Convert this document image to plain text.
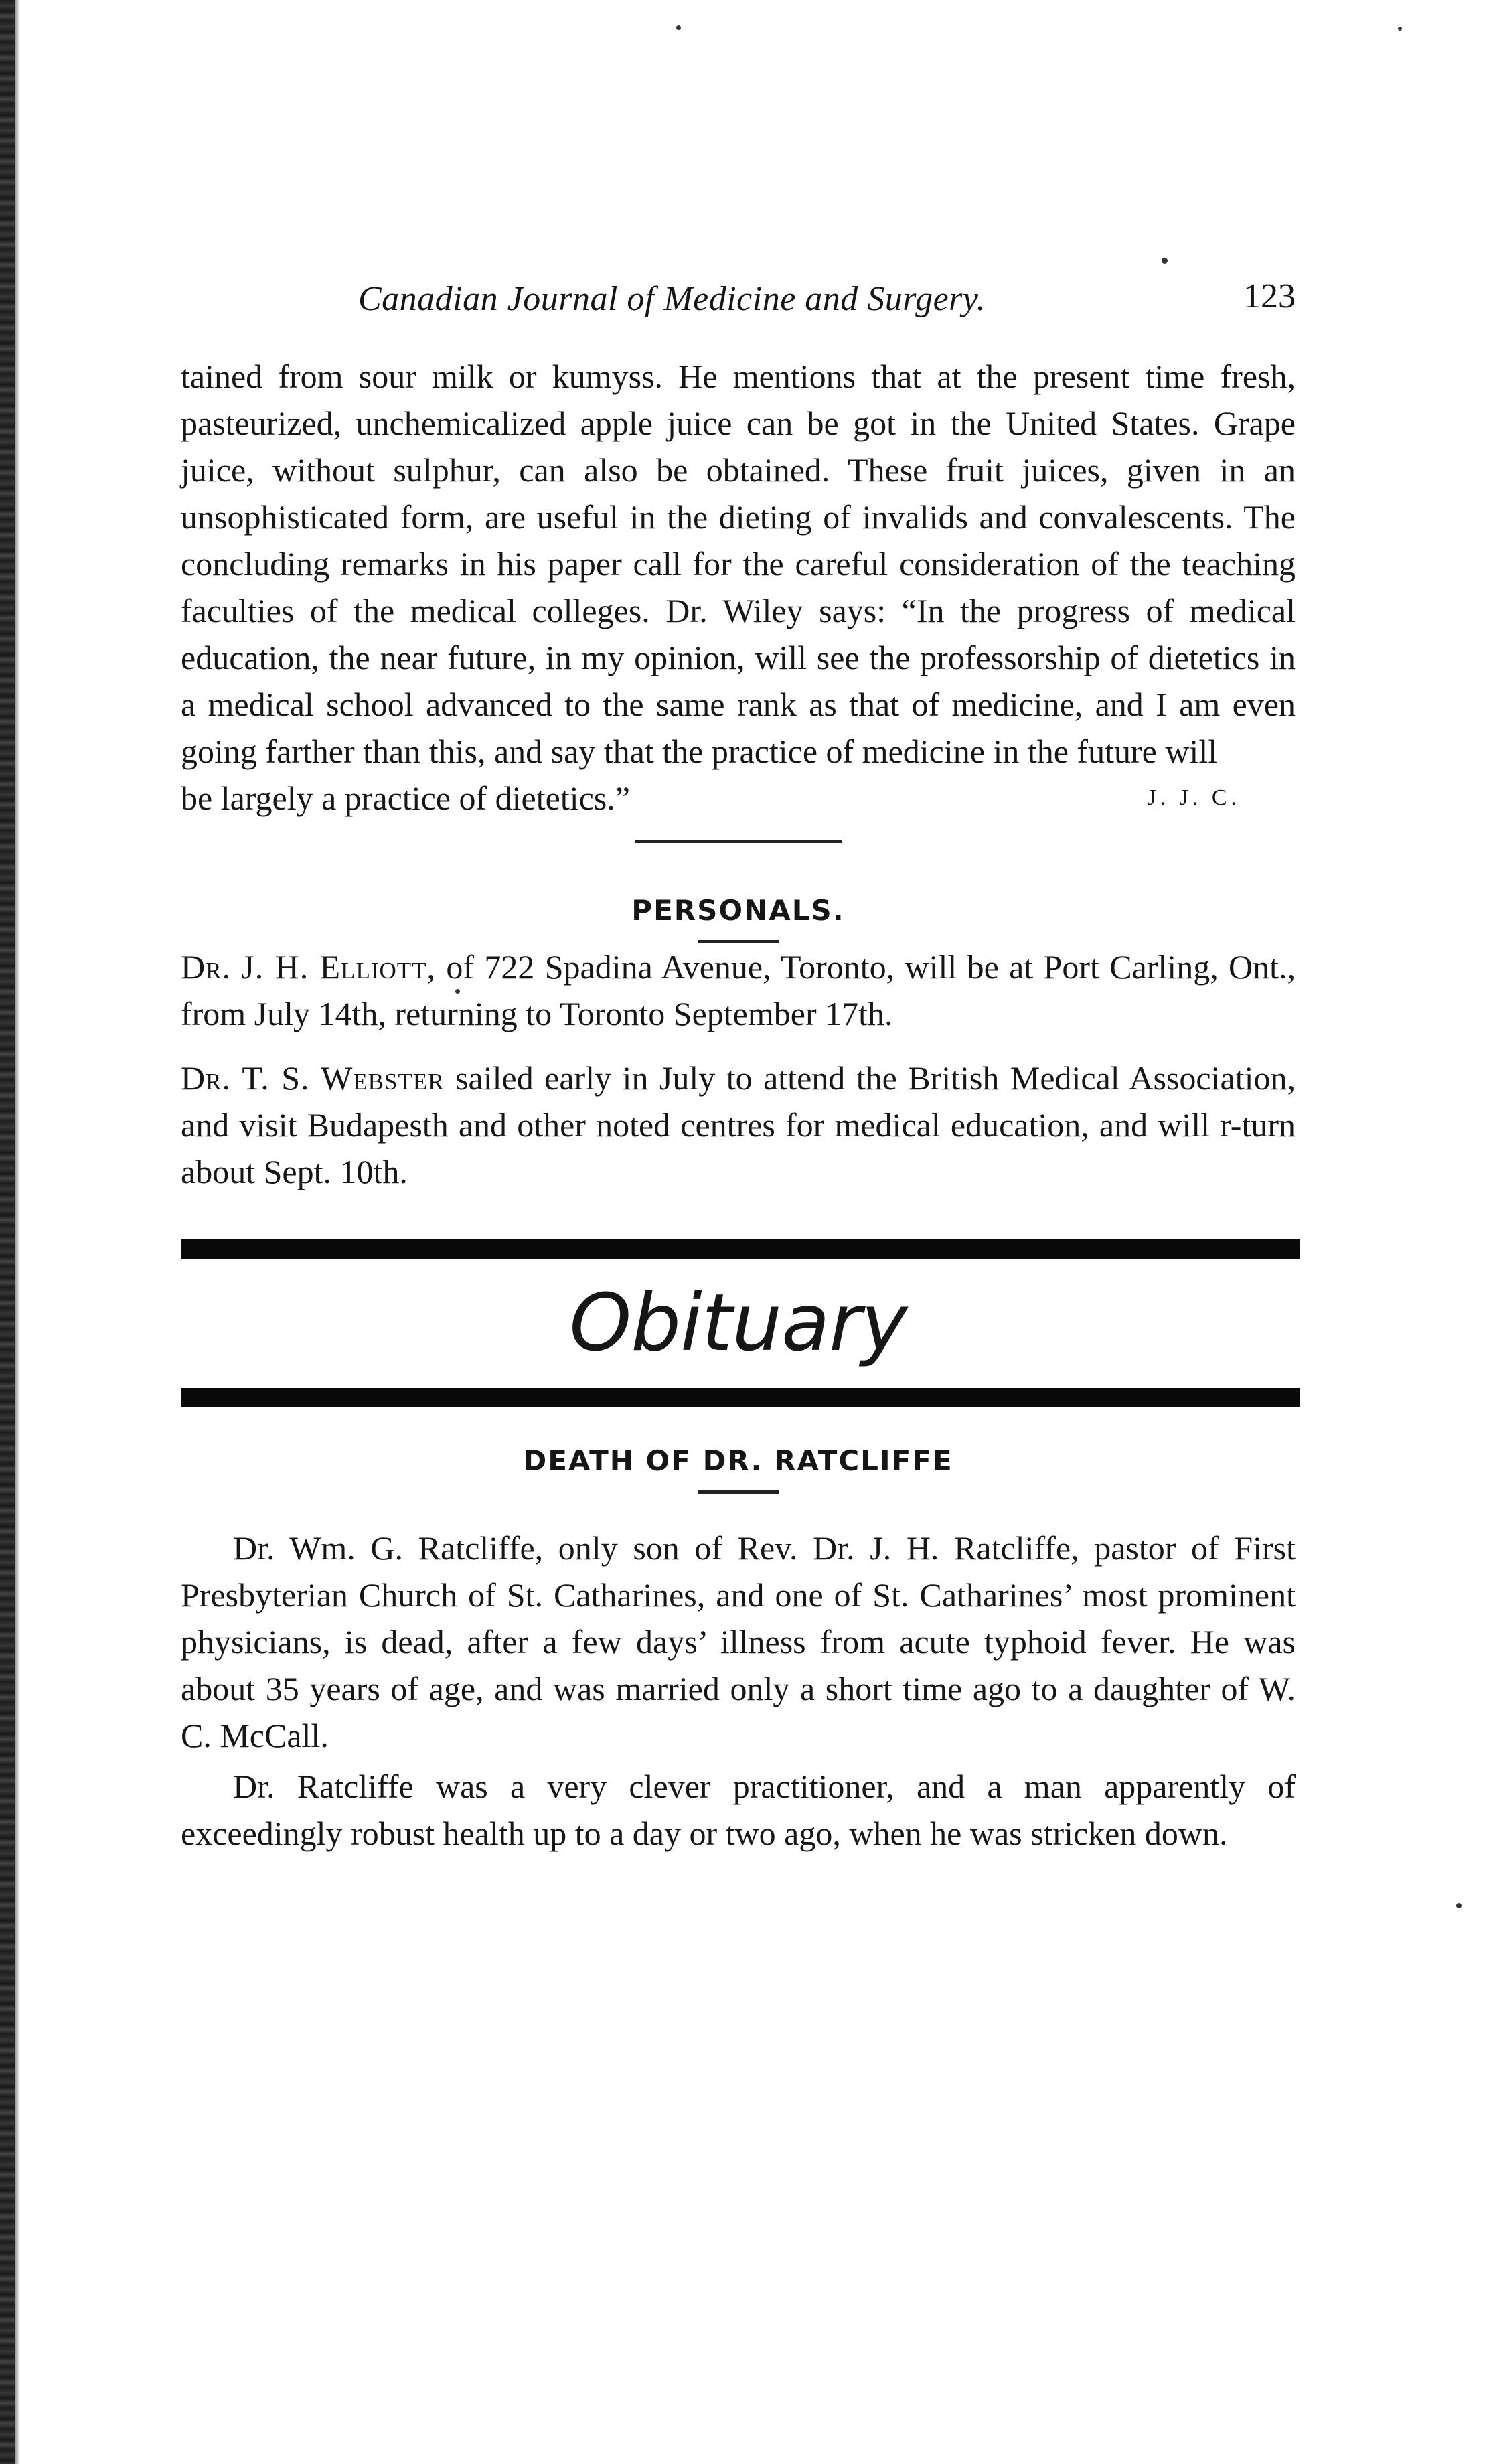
Canadian Journal of Medicine and Surgery.	123

tained from sour milk or kumyss. He mentions that at the present time fresh, pasteurized, unchemicalized apple juice can be got in the United States. Grape juice, without sulphur, can also be obtained. These fruit juices, given in an unsophisticated form, are useful in the dieting of invalids and convalescents. The concluding remarks in his paper call for the careful consideration of the teaching faculties of the medical colleges. Dr. Wiley says: “In the progress of medical education, the near future, in my opinion, will see the professorship of dietetics in a medical school advanced to the same rank as that of medicine, and I am even going farther than this, and say that the practice of medicine in the future will

be largely a practice of dietetics.”	J. J. C.
PERSONALS.

Dr. J. H. Elliott, of 722 Spadina Avenue, Toronto, will be at Port Carling, Ont., from July 14th, returning to Toronto September 17th.

Dr. T. S. Webster sailed early in July to attend the British Medical Association, and visit Budapesth and other noted centres for medical education, and will r-turn about Sept. 10th.

Obituary
DEATH OF DR. RATCLIFFE

Dr. Wm. G. Ratcliffe, only son of Rev. Dr. J. H. Ratcliffe, pastor of First Presbyterian Church of St. Catharines, and one of St. Catharines’ most prominent physicians, is dead, after a few days’ illness from acute typhoid fever. He was about 35 years of age, and was married only a short time ago to a daughter of W. C. McCall.

Dr. Ratcliffe was a very clever practitioner, and a man apparently of exceedingly robust health up to a day or two ago, when he was stricken down.
